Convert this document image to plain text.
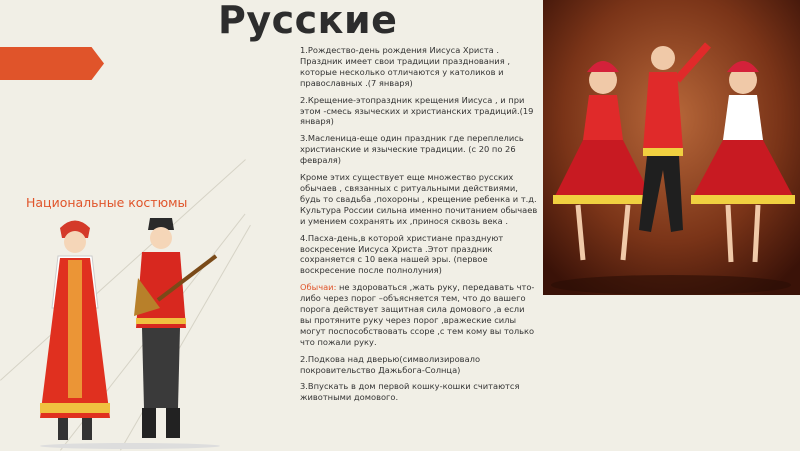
Русские
Национальные костюмы

1.Рождество-день рождения Иисуса Христа . Праздник имеет свои традиции празднования , которые несколько отличаются у католиков и православных .(7 января)

2.Крещение-этопраздник крещения Иисуса , и при этом -смесь языческих и христианских традиций.(19 января)

3.Масленица-еще один праздник где переплелись христианские и языческие традиции. (с 20 по 26 февраля)

Кроме этих существует еще множество русских обычаев , связанных с ритуальными действиями, будь то свадьба ,похороны , крещение ребенка и т.д. Культура России сильна именно почитанием обычаев и умением сохранять их ,пpинося сквозь века .

4.Пасха-день,в которой христиане празднуют воскресение Иисуса Христа .Этот праздник сохраняется с 10 века нашей эры. (первое воскресение после полнолуния)

Обычаи: не здороваться ,жать руку, передавать что-либо через порог –объясняется тем, что до вашего порога действует защитная сила домового ,а если вы протяните руку через порог ,вражеские силы могут поспособствовать ссоре ,с тем кому вы только что пожали руку.

2.Подкова над дверью(символизировало покровительство Дажьбога-Солнца)

3.Впускать в дом первой кошку-кошки считаются животными домового.
